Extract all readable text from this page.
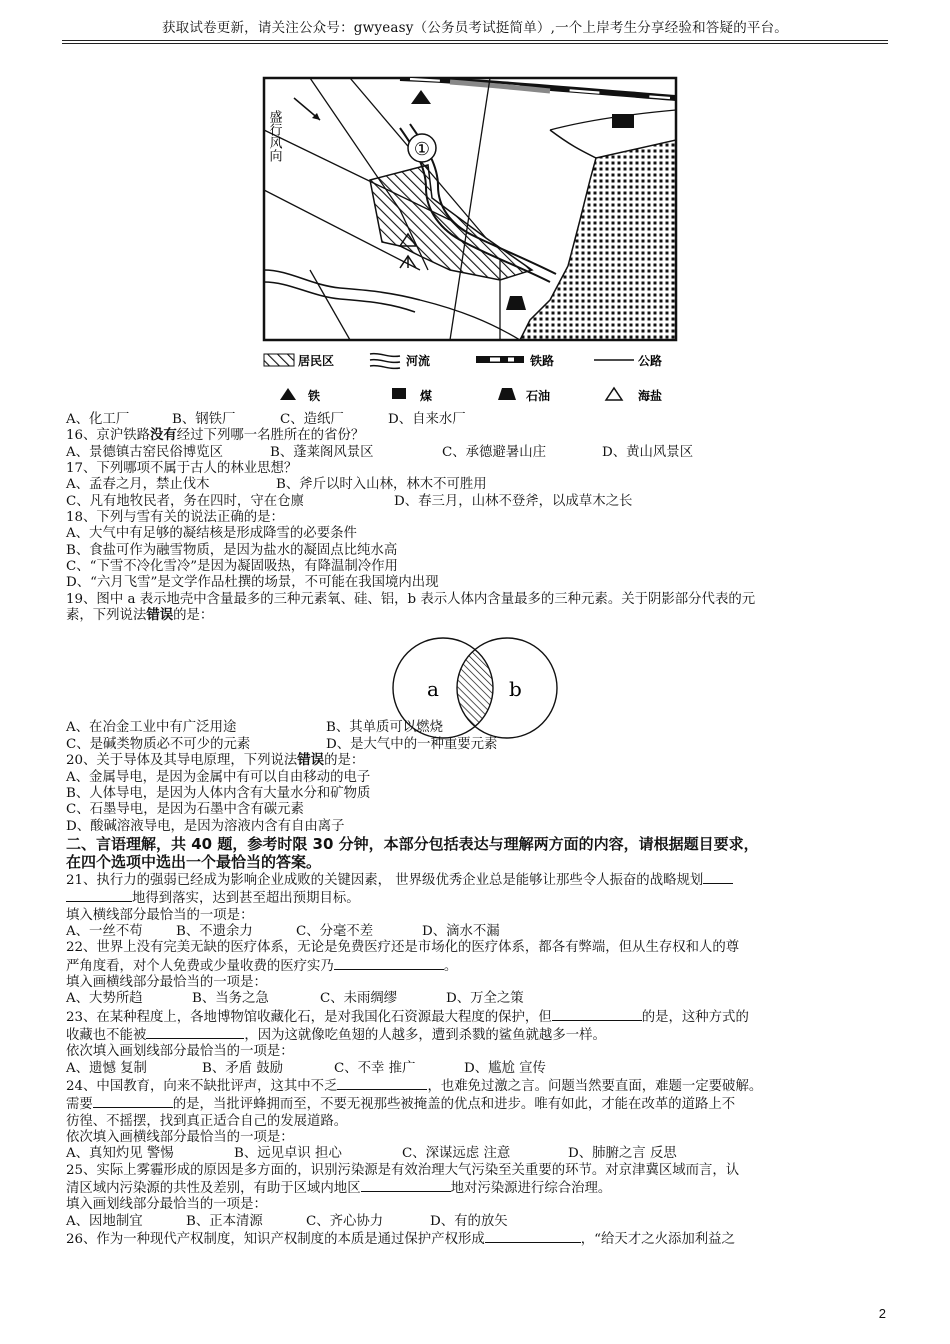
获取试卷更新，请关注公众号：gwyeasy（公务员考试挺简单）,一个上岸考生分享经验和答疑的平台。
盛行风向	①
居民区	河流	铁路	公路
铁	煤	石油	海盐
a	b
A、化工厂	B、钢铁厂	C、造纸厂	D、自来水厂
16、京沪铁路没有经过下列哪一名胜所在的省份？
A、景德镇古窑民俗博览区	B、蓬莱阁风景区	C、承德避暑山庄	D、黄山风景区
17、下列哪项不属于古人的林业思想？
A、孟春之月，禁止伐木	B、斧斤以时入山林，林木不可胜用
C、凡有地牧民者，务在四时，守在仓廪	D、春三月，山林不登斧，以成草木之长
18、下列与雪有关的说法正确的是：
A、大气中有足够的凝结核是形成降雪的必要条件
B、食盐可作为融雪物质，是因为盐水的凝固点比纯水高
C、“下雪不冷化雪冷”是因为凝固吸热，有降温制冷作用
D、“六月飞雪”是文学作品杜撰的场景，不可能在我国境内出现
19、图中 a 表示地壳中含量最多的三种元素氧、硅、铝，b 表示人体内含量最多的三种元素。关于阴影部分代表的元
素，下列说法错误的是：
A、在冶金工业中有广泛用途	B、其单质可以燃烧
C、是碱类物质必不可少的元素	D、是大气中的一种重要元素
20、关于导体及其导电原理，下列说法错误的是：
A、金属导电，是因为金属中有可以自由移动的电子
B、人体导电，是因为人体内含有大量水分和矿物质
C、石墨导电，是因为石墨中含有碳元素
D、酸碱溶液导电，是因为溶液内含有自由离子
二、言语理解，共 40 题，参考时限 30 分钟，本部分包括表达与理解两方面的内容，请根据题目要求，
在四个选项中选出一个最恰当的答案。
21、执行力的强弱已经成为影响企业成败的关键因素， 世界级优秀企业总是能够让那些令人振奋的战略规划
地得到落实，达到甚至超出预期目标。
填入横线部分最恰当的一项是：
A、一丝不苟 B、不遗余力	C、分毫不差	D、滴水不漏
22、世界上没有完美无缺的医疗体系，无论是免费医疗还是市场化的医疗体系，都各有弊端，但从生存权和人的尊
严角度看，对个人免费或少量收费的医疗实乃	。
填入画横线部分最恰当的一项是：
A、大势所趋	B、当务之急	C、未雨绸缪	D、万全之策
23、在某种程度上，各地博物馆收藏化石，是对我国化石资源最大程度的保护，但	的是，这种方式的
收藏也不能被	，因为这就像吃鱼翅的人越多，遭到杀戮的鲨鱼就越多一样。
依次填入画划线部分最恰当的一项是：
A、遗憾 复制	B、矛盾 鼓励	C、不幸 推广	D、尴尬 宣传
24、中国教育，向来不缺批评声，这其中不乏	，也难免过激之言。问题当然要直面，难题一定要破解。
需要	的是，当批评蜂拥而至，不要无视那些被掩盖的优点和进步。唯有如此，才能在改革的道路上不
彷徨、不摇摆，找到真正适合自己的发展道路。
依次填入画横线部分最恰当的一项是：
A、真知灼见 警惕	B、远见卓识 担心	C、深谋远虑 注意	D、肺腑之言 反思
25、实际上雾霾形成的原因是多方面的，识别污染源是有效治理大气污染至关重要的环节。对京津冀区域而言，认
清区域内污染源的共性及差别，有助于区域内地区	地对污染源进行综合治理。
填入画划线部分最恰当的一项是：
A、因地制宜	B、正本清源	C、齐心协力	D、有的放矢
26、作为一种现代产权制度，知识产权制度的本质是通过保护产权形成	，“给天才之火添加利益之
2
